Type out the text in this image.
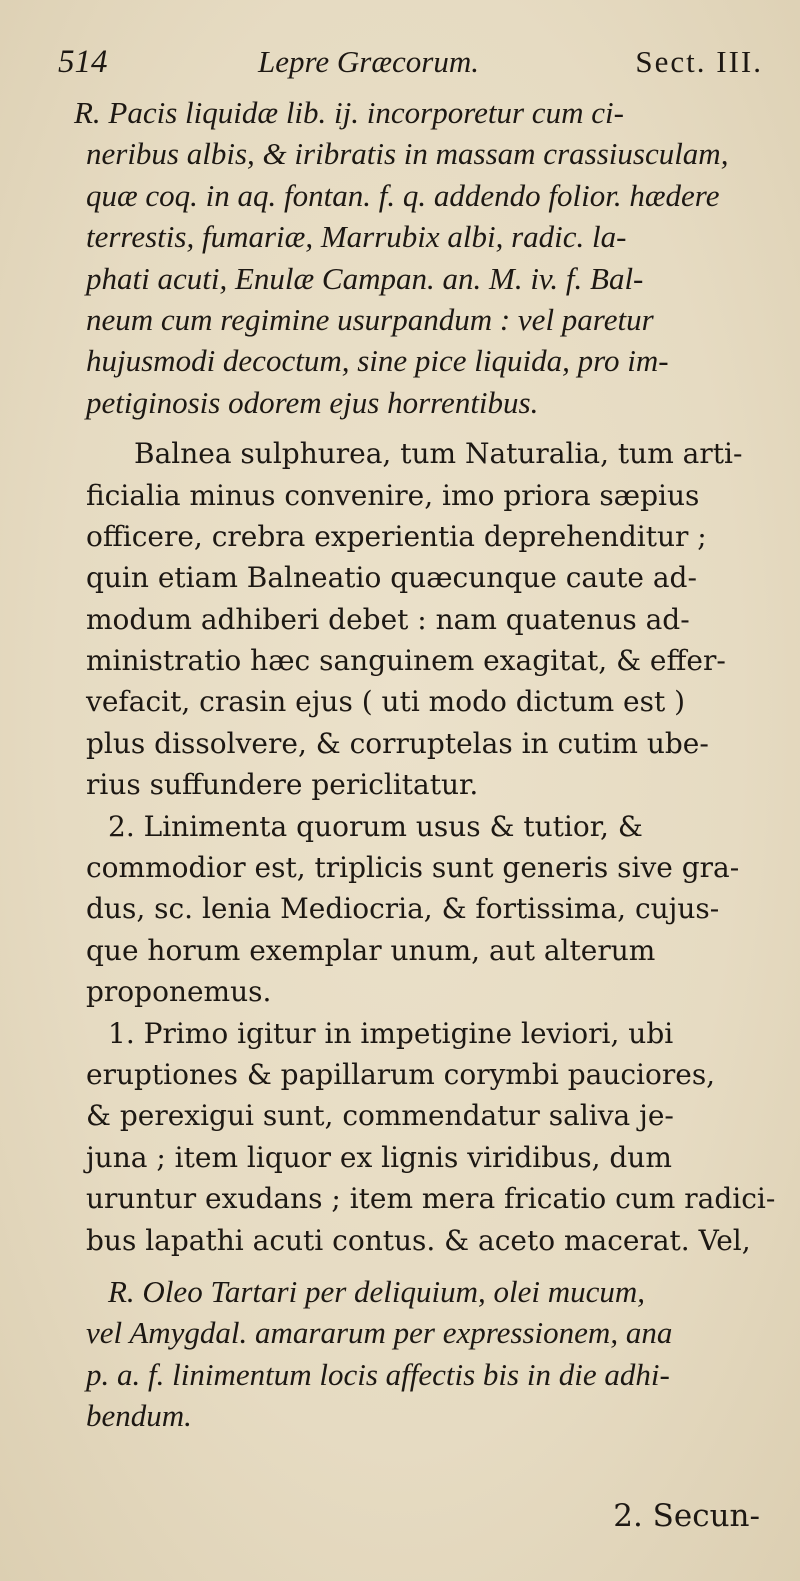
514	Lepre Græcorum.	Sect. III.
R. Pacis liquidæ lib. ij. incorporetur cum ci-
neribus albis, & iribratis in massam crassiusculam,
quæ coq. in aq. fontan. f. q. addendo folior. hædere
terrestis, fumariæ, Marrubix albi, radic. la-
phati acuti, Enulæ Campan. an. M. iv. f. Bal-
neum cum regimine usurpandum : vel paretur
hujusmodi decoctum, sine pice liquida, pro im-
petiginosis odorem ejus horrentibus.
Balnea sulphurea, tum Naturalia, tum arti-
ficialia minus convenire, imo priora sæpius
officere, crebra experientia deprehenditur ;
quin etiam Balneatio quæcunque caute ad-
modum adhiberi debet : nam quatenus ad-
ministratio hæc sanguinem exagitat, & effer-
vefacit, crasin ejus ( uti modo dictum est )
plus dissolvere, & corruptelas in cutim ube-
rius suffundere periclitatur.
2. Linimenta quorum usus & tutior, &
commodior est, triplicis sunt generis sive gra-
dus, sc. lenia Mediocria, & fortissima, cujus-
que horum exemplar unum, aut alterum
proponemus.
1. Primo igitur in impetigine leviori, ubi
eruptiones & papillarum corymbi pauciores,
& perexigui sunt, commendatur saliva je-
juna ; item liquor ex lignis viridibus, dum
uruntur exudans ; item mera fricatio cum radici-
bus lapathi acuti contus. & aceto macerat. Vel,
R. Oleo Tartari per deliquium, olei mucum,
vel Amygdal. amararum per expressionem, ana
p. a. f. linimentum locis affectis bis in die adhi-
bendum.
2. Secun-
